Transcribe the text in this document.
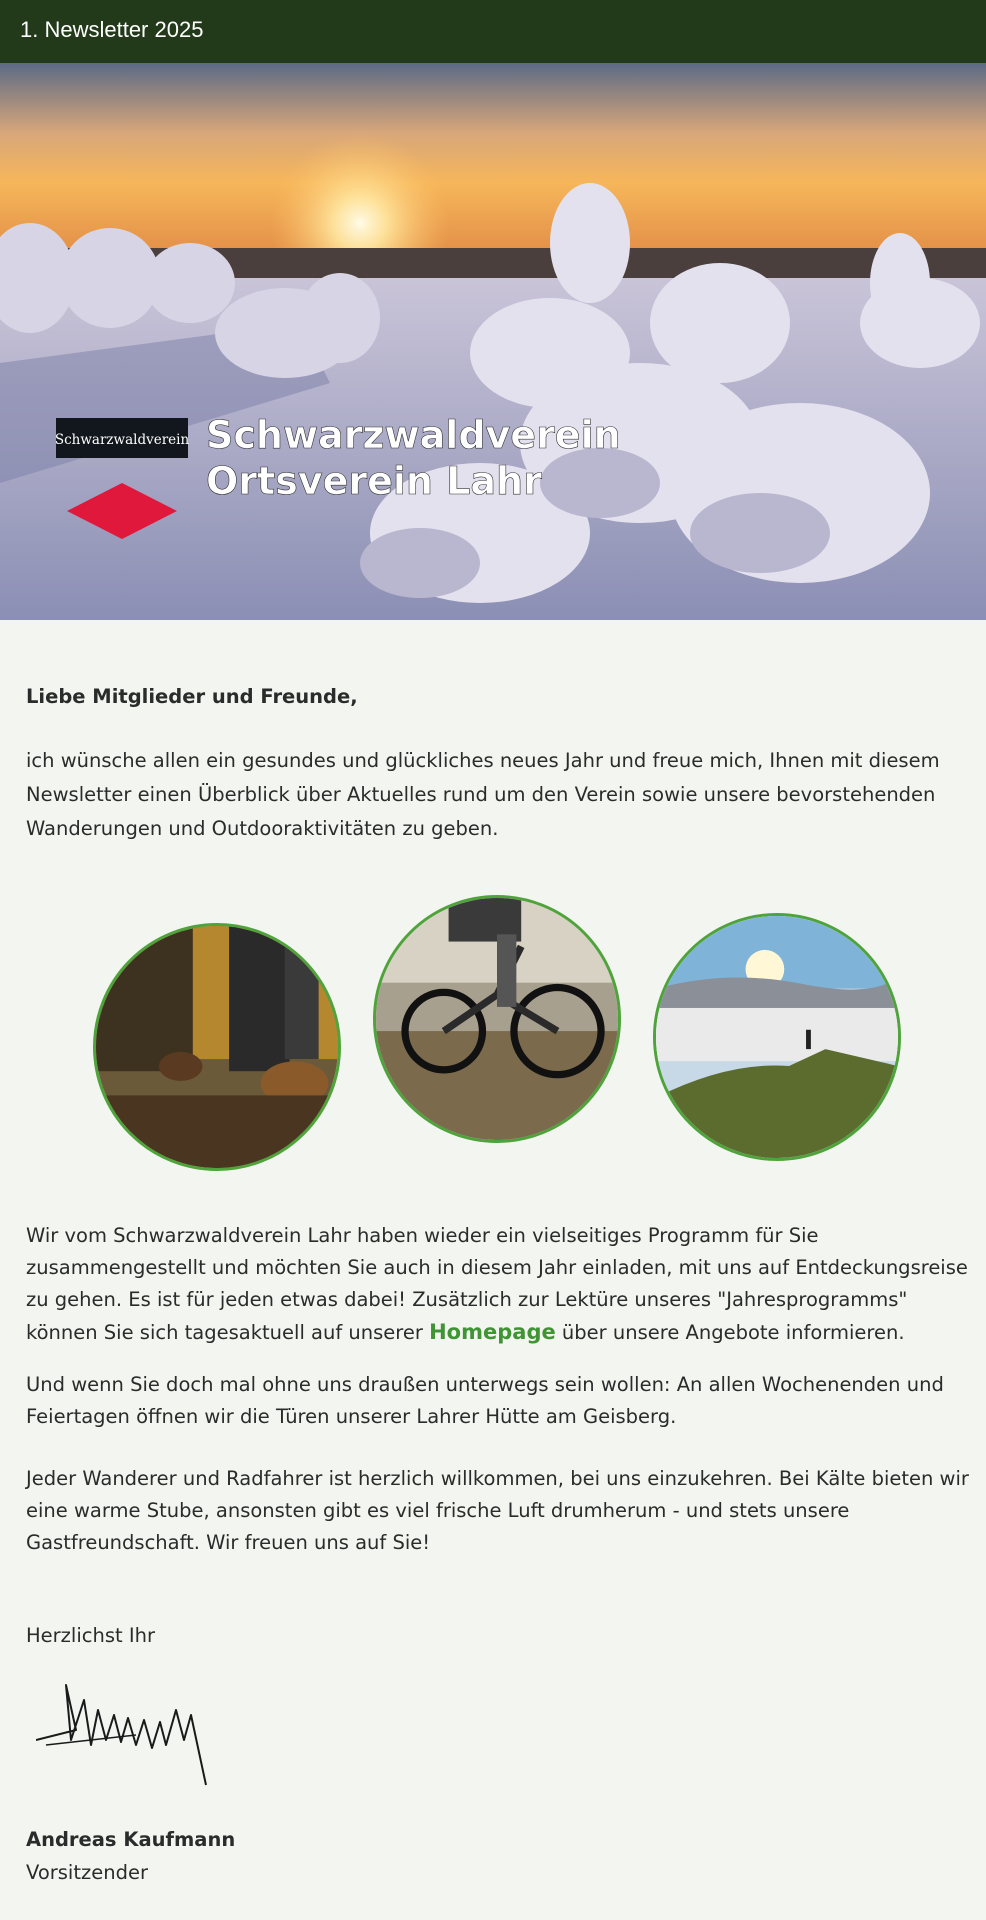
1. Newsletter 2025
Schwarzwaldverein Schwarzwaldverein
Ortsverein Lahr

Liebe Mitglieder und Freunde,

ich wünsche allen ein gesundes und glückliches neues Jahr und freue mich, Ihnen mit diesem Newsletter einen Überblick über Aktuelles rund um den Verein sowie unsere bevorstehenden Wanderungen und Outdooraktivitäten zu geben.

Wir vom Schwarzwaldverein Lahr haben wieder ein vielseitiges Programm für Sie zusammengestellt und möchten Sie auch in diesem Jahr einladen, mit uns auf Entdeckungsreise zu gehen. Es ist für jeden etwas dabei! Zusätzlich zur Lektüre unseres "Jahresprogramms" können Sie sich tagesaktuell auf unserer Homepage über unsere Angebote informieren.

Und wenn Sie doch mal ohne uns draußen unterwegs sein wollen: An allen Wochenenden und Feiertagen öffnen wir die Türen unserer Lahrer Hütte am Geisberg.

Jeder Wanderer und Radfahrer ist herzlich willkommen, bei uns einzukehren. Bei Kälte bieten wir eine warme Stube, ansonsten gibt es viel frische Luft drumherum - und stets unsere Gastfreundschaft. Wir freuen uns auf Sie!

Herzlichst Ihr
Andreas Kaufmann
Vorsitzender
